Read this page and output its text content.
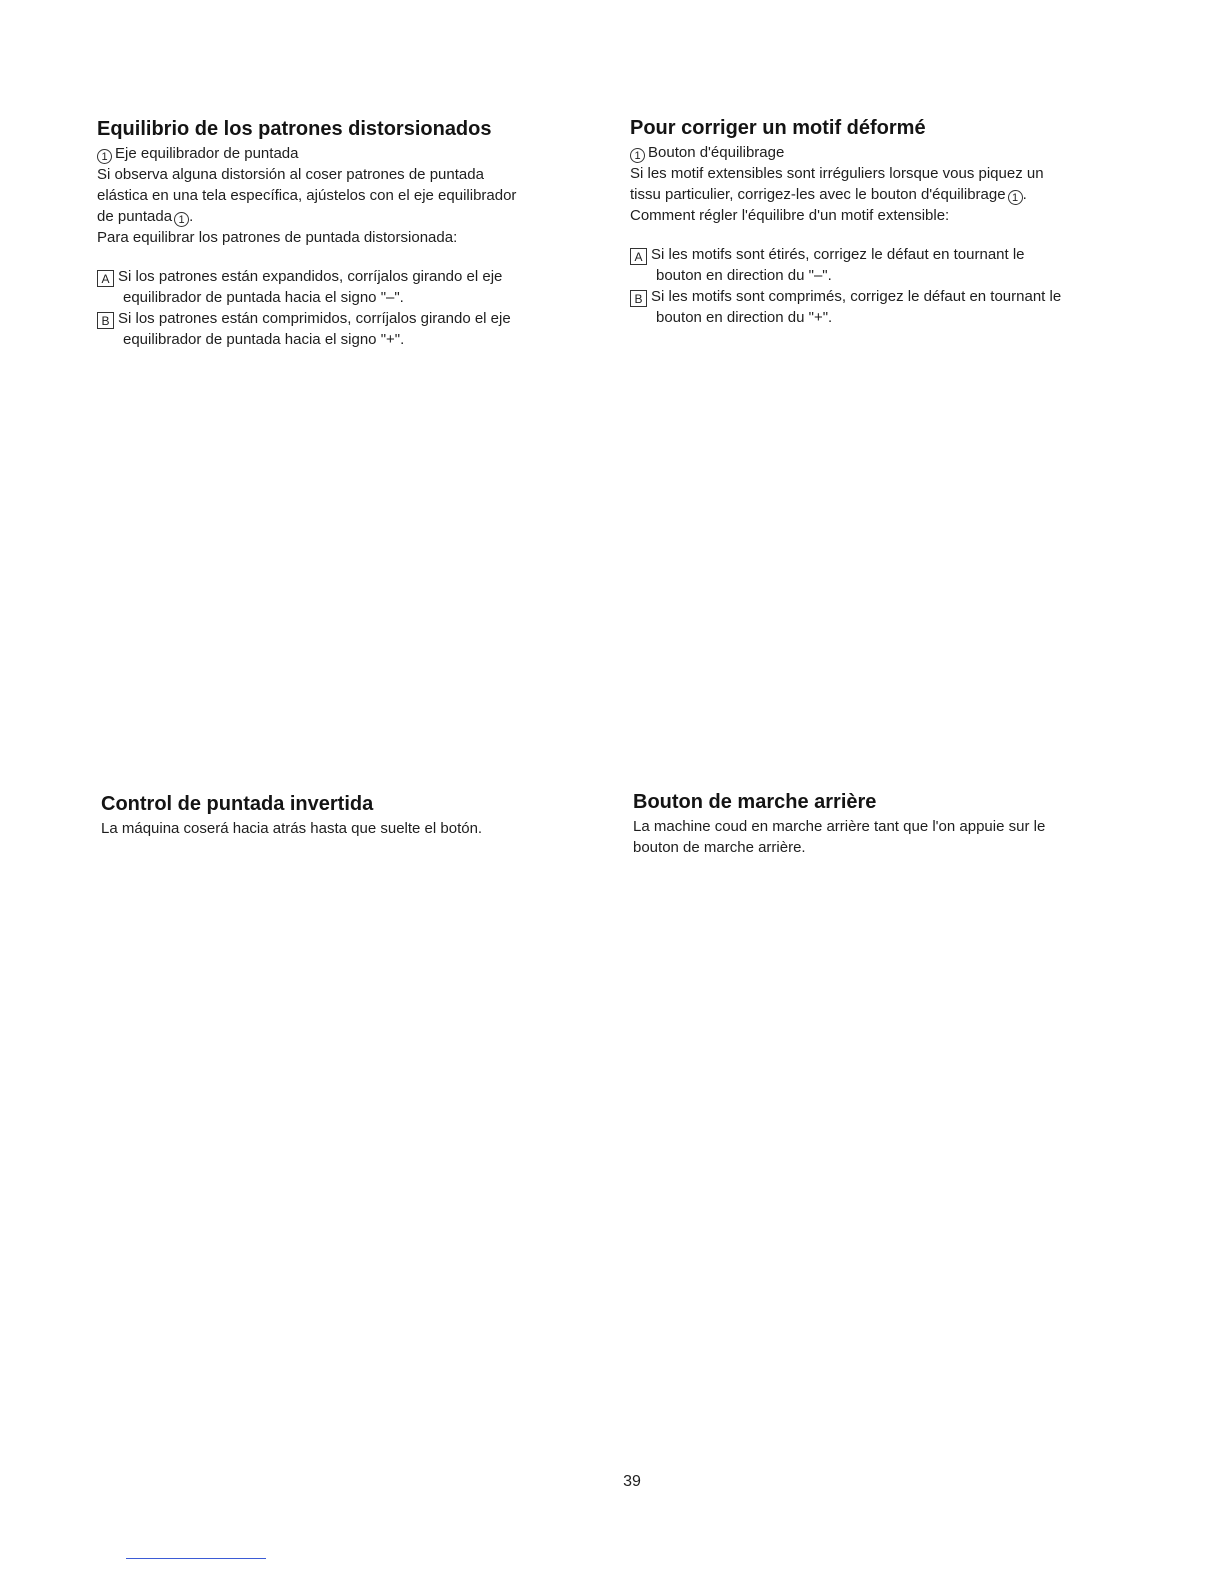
Equilibrio de los patrones distorsionados

1 Eje equilibrador de puntada

Si observa alguna distorsión al coser patrones de puntada

elástica en una tela específica, ajústelos con el eje equilibrador

de puntada 1 .

Para equilibrar los patrones de puntada distorsionada:

A Si los patrones están expandidos, corríjalos girando el eje
equilibrador de puntada hacia el signo "–".

B Si los patrones están comprimidos, corríjalos girando el eje
equilibrador de puntada hacia el signo "+".

Pour corriger un motif déformé

1 Bouton d'équilibrage

Si les motif extensibles sont irréguliers lorsque vous piquez un

tissu particulier, corrigez-les avec le bouton d'équilibrage 1 .

Comment régler l'équilibre d'un motif extensible:

A Si les motifs sont étirés, corrigez le défaut en tournant le
bouton en direction du "–".

B Si les motifs sont comprimés, corrigez le défaut en tournant le
bouton en direction du "+".

Control de puntada invertida

La máquina coserá hacia atrás hasta que suelte el botón.

Bouton de marche arrière

La machine coud en marche arrière tant que l'on appuie sur le

bouton de marche arrière.

39
